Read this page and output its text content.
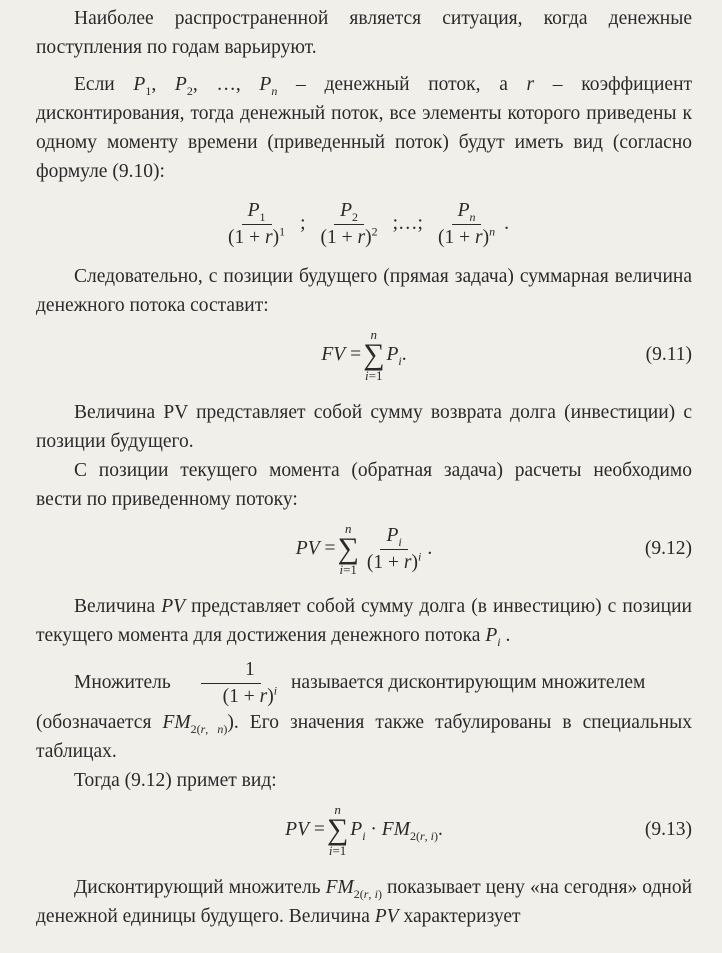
Наиболее распространенной является ситуация, когда денежные поступления по годам варьируют.

Если $P_1$, $P_2$, …, $P_n$ – денежный поток, а r – коэффициент дисконтирования, тогда денежный поток, все элементы которого приведены к одному моменту времени (приведенный поток) будут иметь вид (согласно формуле (9.10):

$\frac{P_1}{(1 + r)^1}$ ; $\frac{P_2}{(1 + r)^2}$ ;…; $\frac{P_n}{(1 + r)^n}$ .

Следовательно, с позиции будущего (прямая задача) суммарная величина денежного потока составит:

FV =
n
∑
i=1
$P_i$.	(9.11)

Величина PV представляет собой сумму возврата долга (инвестиции) с позиции будущего.

С позиции текущего момента (обратная задача) расчеты необходимо вести по приведенному потоку:

PV =
n
∑
$i=1 \frac{P_i}{(1 + r)^i}$ .	(9.12)

Величина PV представляет собой сумму долга (в инвестицию) с позиции текущего момента для достижения денежного потока $P_i$ .

Множитель $\frac{1}{(1 + r)^i}$ называется дисконтирующим множителем

(обозначается $FM_{2(r, n)}$). Его значения также табулированы в специальных таблицах.

Тогда (9.12) примет вид:

PV =
n
∑
i=1
$P_i \cdot FM_{2(r, i)}$.	(9.13)

Дисконтирующий множитель $FM_{2(r, i)}$ показывает цену «на сегодня» одной денежной единицы будущего. Величина PV характеризует
